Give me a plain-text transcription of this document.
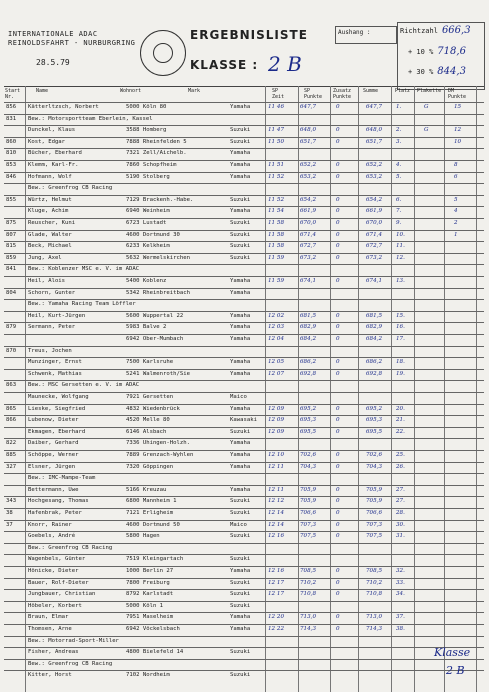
INTERNATIONALE ADAC
REINOLDSFAHRT - NURBURGRING
28.5.79
ERGEBNISLISTE
KLASSE : 2 B
Aushang :	Richtzahl 666,3
+ 10 % 718,6
+ 30 % 844,3
Start Nr.
Name	Wohnort	Mark	SP Zeit
SP Punkte
Zusatz Punkte
Summe	Platz Plakette DM Punkte
856 Kätterltzsch, Norbert	5000 Köln 80	Yamaha	11 46	647,7	0	647,7 1.	G	15
831 Bew.: Motorsportteam Eberlein, Kassel
Dunckel, Klaus	3588 Homberg	Suzuki	11 47	648,0	0	648,0 2.	G	12
860 Kost, Edgar	7888 Rheinfelden 5	Suzuki	11 50	651,7	0	651,7 3.	10
810 Bücher, Eberhard	7321 Zell/Aichelb.	Yamaha
853 Klemm, Karl-Fr.	7860 Schopfheim	Yamaha	11 51	652,2	0	652,2 4.	8
846 Hofmann, Wolf	5190 Stolberg	Yamaha	11 52	653,2	0	653,2 5.	6
Bew.: Greenfrog CB Racing
855 Würtz, Helmut	7129 Brackenh.-Habe.	Suzuki	11 52	654,2	0	654,2 6.	5
Kluge, Achim	6940 Weinheim	Yamaha	11 54	661,9	0	661,9 7.	4
875 Reuscher, Kuni	6723 Lustadt	Suzuki	11 58	670,0	0	670,0 9.	2
807 Glade, Walter	4600 Dortmund 30	Suzuki	11 58	671,4	0	671,4 10.	1
815 Beck, Michael	6233 Kelkheim	Suzuki	11 58	672,7	0	672,7 11.
859 Jung, Axel	5632 Wermelskirchen	Suzuki	11 59	673,2	0	673,2 12.
841 Bew.: Koblenzer MSC e. V. im ADAC
Heil, Alois	5400 Koblenz	Yamaha	11 59	674,1	0	674,1 13.
804 Schorn, Gunter	5342 Rheinbreitbach	Yamaha
Bew.: Yamaha Racing Team Löffler
Heil, Kurt-Jürgen	5600 Wuppertal 22	Yamaha	12 02	681,5	0	681,5 15.
879 Sermann, Peter	5983 Balve 2	Yamaha	12 03	682,9	0	682,9 16.
6942 Ober-Mumbach	Yamaha	12 04	684,2	0	684,2 17.
870 Treus, Jochen
Munzinger, Ernst	7500 Karlsruhe	Yamaha	12 05	686,2	0	686,2 18.
Schwenk, Mathias	5241 Walmenroth/Sie	Yamaha	12 07	692,8	0	692,8 19.
863 Bew.: MSC Gersetten e. V. im ADAC
Maunecke, Wolfgang	7921 Gersetten	Maico
865 Lieske, Siegfried	4832 Wiedenbrück	Yamaha	12 09	695,2	0	695,2 20.
866 Lubenow, Dieter	4520 Melle 80	Kawasaki 12 09	695,3	0	695,3 21.
Ekmagen, Eberhard	6146 Alsbach	Suzuki	12 09	695,5	0	695,5 22.
822 Daiber, Gerhard	7336 Uhingen-Holzh.	Yamaha
885 Schöppe, Werner	7889 Grenzach-Wyhlen	Yamaha	12 10	702,6	0	702,6 25.
327 Elsner, Jürgen	7320 Göppingen	Yamaha	12 11	704,3	0	704,3 26.
Bew.: IMC-Mampe-Team
Bettermann, Uwe	5166 Kreuzau	Yamaha	12 11	705,9	0	705,9 27.
343 Hochgesang, Thomas	6800 Mannheim 1	Suzuki	12 12	705,9	0	705,9 27.
38	Hafenbrak, Peter	7121 Erligheim	Suzuki	12 14	706,6	0	706,6 28.
37	Knorr, Rainer	4600 Dortmund 50	Maico	12 14	707,3	0	707,3 30.
Goebels, André	5800 Hagen	Suzuki	12 16	707,5	0	707,5 31.
Bew.: Greenfrog CB Racing
Wagenbels, Günter	7519 Kleingartach	Suzuki
Hönicke, Dieter	1000 Berlin 27	Yamaha	12 16	708,5	0	708,5 32.
Bauer, Rolf-Dieter	7800 Freiburg	Suzuki	12 17	710,2	0	710,2 33.
Jungbauer, Christian	8792 Karlstadt	Suzuki	12 17	710,8	0	710,8 34.
Höbeler, Korbert	5000 Köln 1	Suzuki
Braun, Elmar	7951 Maselheim	Yamaha	12 20	713,0	0	713,0 37.
Thomsen, Arne	6942 Vöckelsbach	Yamaha	12 22	714,3	0	714,3 38.
Bew.: Motorrad-Sport-Miller
Fisher, Andreas	4800 Bielefeld 14	Suzuki
Bew.: Greenfrog CB Racing
Kitter, Horst	7102 Nordheim	Suzuki
Klasse
2 B
